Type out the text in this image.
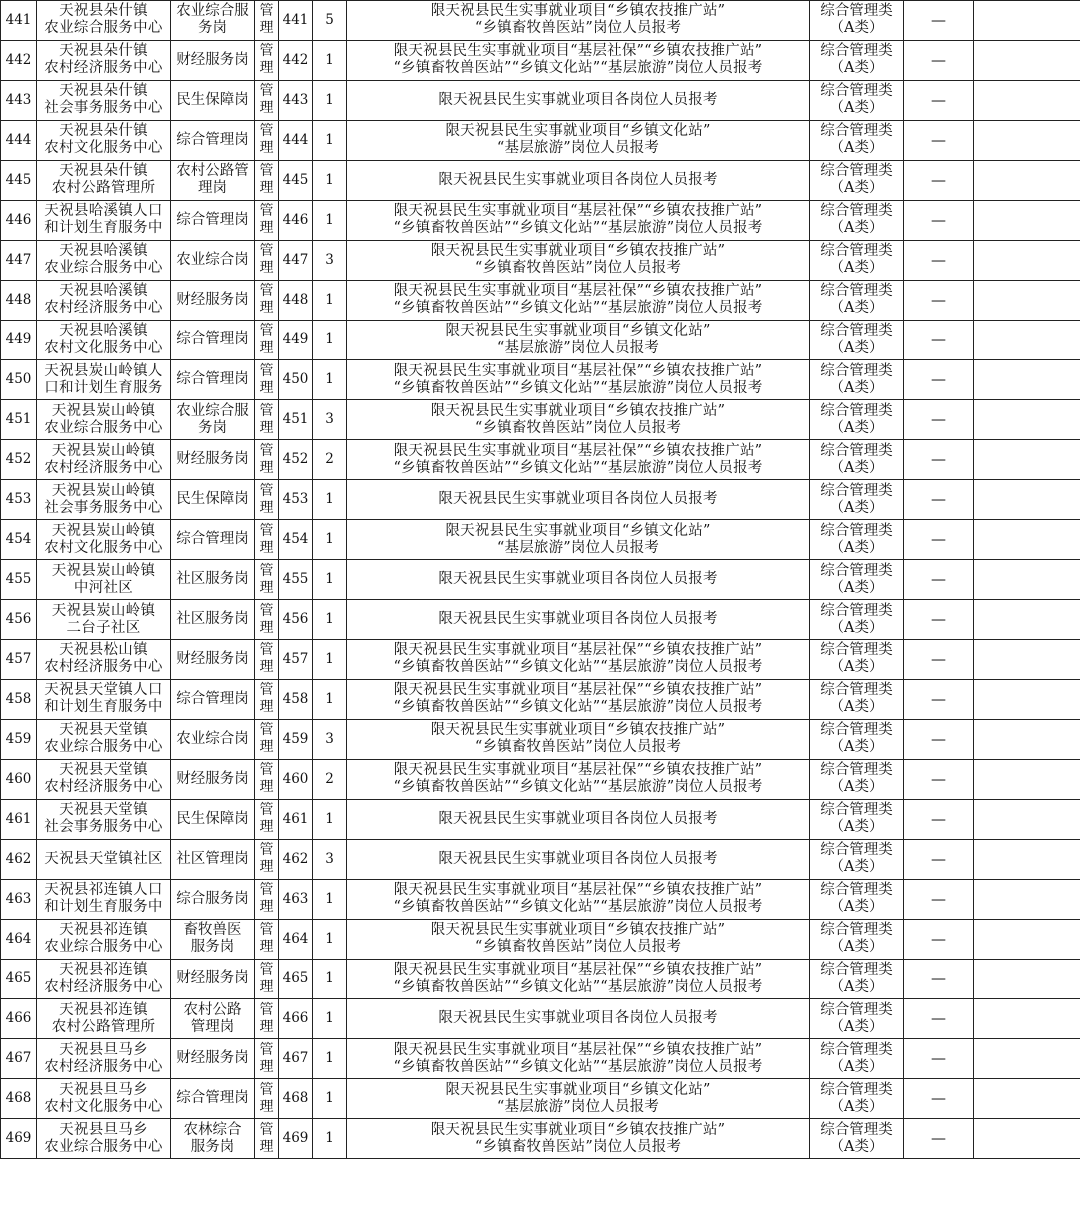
441	天祝县朵什镇
农业综合服务中心	农业综合服
务岗	管理	441	5	限天祝县民生实事就业项目“乡镇农技推广站”
“乡镇畜牧兽医站”岗位人员报考	综合管理类
（A类）	—	
442	天祝县朵什镇
农村经济服务中心	财经服务岗	管理	442	1	限天祝县民生实事就业项目“基层社保”“乡镇农技推广站”
“乡镇畜牧兽医站”“乡镇文化站”“基层旅游”岗位人员报考	综合管理类
（A类）	—	
443	天祝县朵什镇
社会事务服务中心	民生保障岗	管理	443	1	限天祝县民生实事就业项目各岗位人员报考	综合管理类
（A类）	—	
444	天祝县朵什镇
农村文化服务中心	综合管理岗	管理	444	1	限天祝县民生实事就业项目“乡镇文化站”
“基层旅游”岗位人员报考	综合管理类
（A类）	—	
445	天祝县朵什镇
农村公路管理所	农村公路管
理岗	管理	445	1	限天祝县民生实事就业项目各岗位人员报考	综合管理类
（A类）	—	
446	天祝县哈溪镇人口
和计划生育服务中	综合管理岗	管理	446	1	限天祝县民生实事就业项目“基层社保”“乡镇农技推广站”
“乡镇畜牧兽医站”“乡镇文化站”“基层旅游”岗位人员报考	综合管理类
（A类）	—	
447	天祝县哈溪镇
农业综合服务中心	农业综合岗	管理	447	3	限天祝县民生实事就业项目“乡镇农技推广站”
“乡镇畜牧兽医站”岗位人员报考	综合管理类
（A类）	—	
448	天祝县哈溪镇
农村经济服务中心	财经服务岗	管理	448	1	限天祝县民生实事就业项目“基层社保”“乡镇农技推广站”
“乡镇畜牧兽医站”“乡镇文化站”“基层旅游”岗位人员报考	综合管理类
（A类）	—	
449	天祝县哈溪镇
农村文化服务中心	综合管理岗	管理	449	1	限天祝县民生实事就业项目“乡镇文化站”
“基层旅游”岗位人员报考	综合管理类
（A类）	—	
450	天祝县炭山岭镇人
口和计划生育服务	综合管理岗	管理	450	1	限天祝县民生实事就业项目“基层社保”“乡镇农技推广站”
“乡镇畜牧兽医站”“乡镇文化站”“基层旅游”岗位人员报考	综合管理类
（A类）	—	
451	天祝县炭山岭镇
农业综合服务中心	农业综合服
务岗	管理	451	3	限天祝县民生实事就业项目“乡镇农技推广站”
“乡镇畜牧兽医站”岗位人员报考	综合管理类
（A类）	—	
452	天祝县炭山岭镇
农村经济服务中心	财经服务岗	管理	452	2	限天祝县民生实事就业项目“基层社保”“乡镇农技推广站”
“乡镇畜牧兽医站”“乡镇文化站”“基层旅游”岗位人员报考	综合管理类
（A类）	—	
453	天祝县炭山岭镇
社会事务服务中心	民生保障岗	管理	453	1	限天祝县民生实事就业项目各岗位人员报考	综合管理类
（A类）	—	
454	天祝县炭山岭镇
农村文化服务中心	综合管理岗	管理	454	1	限天祝县民生实事就业项目“乡镇文化站”
“基层旅游”岗位人员报考	综合管理类
（A类）	—	
455	天祝县炭山岭镇
中河社区	社区服务岗	管理	455	1	限天祝县民生实事就业项目各岗位人员报考	综合管理类
（A类）	—	
456	天祝县炭山岭镇
二台子社区	社区服务岗	管理	456	1	限天祝县民生实事就业项目各岗位人员报考	综合管理类
（A类）	—	
457	天祝县松山镇
农村经济服务中心	财经服务岗	管理	457	1	限天祝县民生实事就业项目“基层社保”“乡镇农技推广站”
“乡镇畜牧兽医站”“乡镇文化站”“基层旅游”岗位人员报考	综合管理类
（A类）	—	
458	天祝县天堂镇人口
和计划生育服务中	综合管理岗	管理	458	1	限天祝县民生实事就业项目“基层社保”“乡镇农技推广站”
“乡镇畜牧兽医站”“乡镇文化站”“基层旅游”岗位人员报考	综合管理类
（A类）	—	
459	天祝县天堂镇
农业综合服务中心	农业综合岗	管理	459	3	限天祝县民生实事就业项目“乡镇农技推广站”
“乡镇畜牧兽医站”岗位人员报考	综合管理类
（A类）	—	
460	天祝县天堂镇
农村经济服务中心	财经服务岗	管理	460	2	限天祝县民生实事就业项目“基层社保”“乡镇农技推广站”
“乡镇畜牧兽医站”“乡镇文化站”“基层旅游”岗位人员报考	综合管理类
（A类）	—	
461	天祝县天堂镇
社会事务服务中心	民生保障岗	管理	461	1	限天祝县民生实事就业项目各岗位人员报考	综合管理类
（A类）	—	
462	天祝县天堂镇社区	社区管理岗	管理	462	3	限天祝县民生实事就业项目各岗位人员报考	综合管理类
（A类）	—	
463	天祝县祁连镇人口
和计划生育服务中	综合服务岗	管理	463	1	限天祝县民生实事就业项目“基层社保”“乡镇农技推广站”
“乡镇畜牧兽医站”“乡镇文化站”“基层旅游”岗位人员报考	综合管理类
（A类）	—	
464	天祝县祁连镇
农业综合服务中心	畜牧兽医
服务岗	管理	464	1	限天祝县民生实事就业项目“乡镇农技推广站”
“乡镇畜牧兽医站”岗位人员报考	综合管理类
（A类）	—	
465	天祝县祁连镇
农村经济服务中心	财经服务岗	管理	465	1	限天祝县民生实事就业项目“基层社保”“乡镇农技推广站”
“乡镇畜牧兽医站”“乡镇文化站”“基层旅游”岗位人员报考	综合管理类
（A类）	—	
466	天祝县祁连镇
农村公路管理所	农村公路
管理岗	管理	466	1	限天祝县民生实事就业项目各岗位人员报考	综合管理类
（A类）	—	
467	天祝县旦马乡
农村经济服务中心	财经服务岗	管理	467	1	限天祝县民生实事就业项目“基层社保”“乡镇农技推广站”
“乡镇畜牧兽医站”“乡镇文化站”“基层旅游”岗位人员报考	综合管理类
（A类）	—	
468	天祝县旦马乡
农村文化服务中心	综合管理岗	管理	468	1	限天祝县民生实事就业项目“乡镇文化站”
“基层旅游”岗位人员报考	综合管理类
（A类）	—	
469	天祝县旦马乡
农业综合服务中心	农林综合
服务岗	管理	469	1	限天祝县民生实事就业项目“乡镇农技推广站”
“乡镇畜牧兽医站”岗位人员报考	综合管理类
（A类）	—	
